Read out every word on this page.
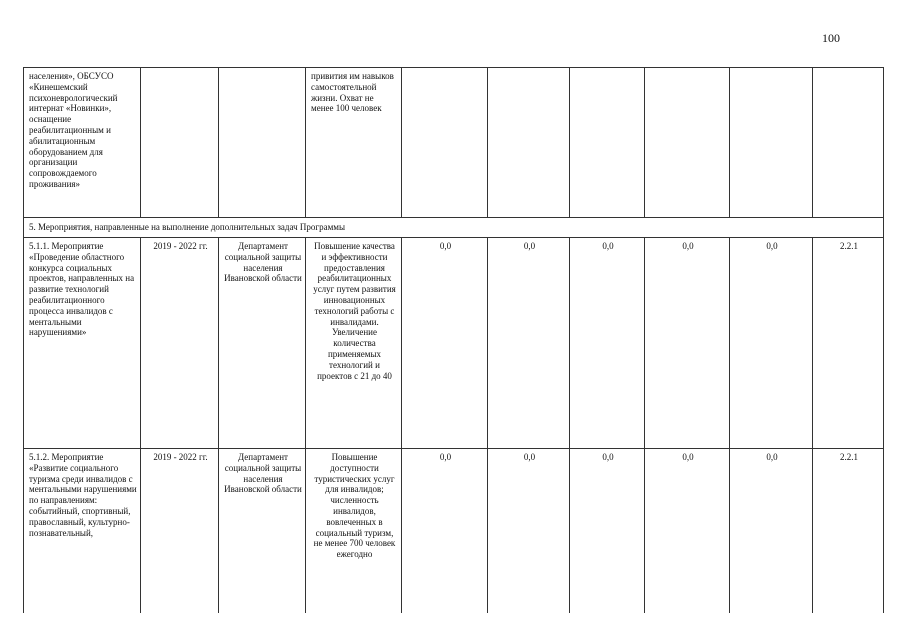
100
населения», ОБСУСО «Кинешемский психоневрологический интернат «Новинки», оснащение реабилитационным и абилитационным оборудованием для организации сопровождаемого проживания»			привития им навыков самостоятельной жизни. Охват не менее 100 человек						
5. Мероприятия, направленные на выполнение дополнительных задач Программы									
5.1.1. Мероприятие «Проведение областного конкурса социальных проектов, направленных на развитие технологий реабилитационного процесса инвалидов с ментальными нарушениями»	2019 - 2022 гг.	Департамент социальной защиты населения Ивановской области	Повышение качества и эффективности предоставления реабилитационных услуг путем развития инновационных технологий работы с инвалидами. Увеличение количества применяемых технологий и проектов с 21 до 40	0,0	0,0	0,0	0,0	0,0	2.2.1
5.1.2. Мероприятие «Развитие социального туризма среди инвалидов с ментальными нарушениями по направлениям: событийный, спортивный, православный, культурно-познавательный,	2019 - 2022 гг.	Департамент социальной защиты населения Ивановской области	Повышение доступности туристических услуг для инвалидов; численность инвалидов, вовлеченных в социальный туризм, не менее 700 человек ежегодно	0,0	0,0	0,0	0,0	0,0	2.2.1
